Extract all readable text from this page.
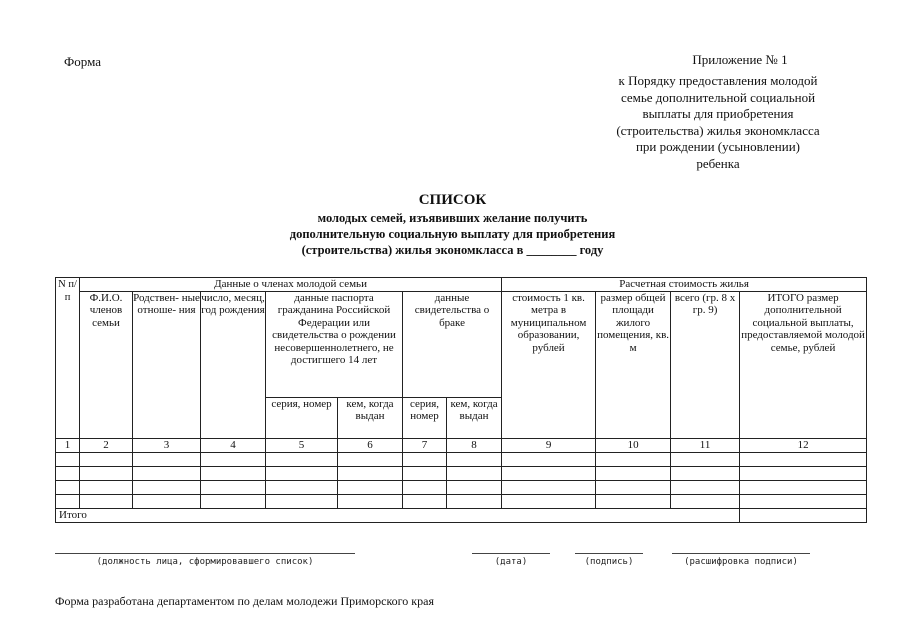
Форма	Приложение № 1
к Порядку предоставления молодой
семье дополнительной социальной
выплаты для приобретения
(строительства) жилья экономкласса
при рождении (усыновлении)
ребенка
СПИСОК
молодых семей, изъявивших желание получить
дополнительную социальную выплату для приобретения
(строительства) жилья экономкласса в ________ году
N п/п	Данные о членах молодой семьи							Расчетная стоимость жилья			
	Ф.И.О. членов семьи	Родствен- ные отноше- ния	число, месяц, год рождения	данные паспорта гражданина Российской Федерации или свидетельства о рождении несовершеннолетнего, не достигшего 14 лет		данные свидетельства о браке		стоимость 1 кв. метра в муниципальном образовании, рублей	размер общей площади жилого помещения, кв. м	всего (гр. 8 х гр. 9)	ИТОГО размер дополнительной социальной выплаты, предоставляемой молодой семье, рублей
				серия, номер	кем, когда выдан	серия, номер	кем, когда выдан				
1	2	3	4	5	6	7	8	9	10	11	12

Итого											
(должность лица, сформировавшего список)	(дата)	(подпись)	(расшифровка подписи)
Форма разработана департаментом по делам молодежи Приморского края
